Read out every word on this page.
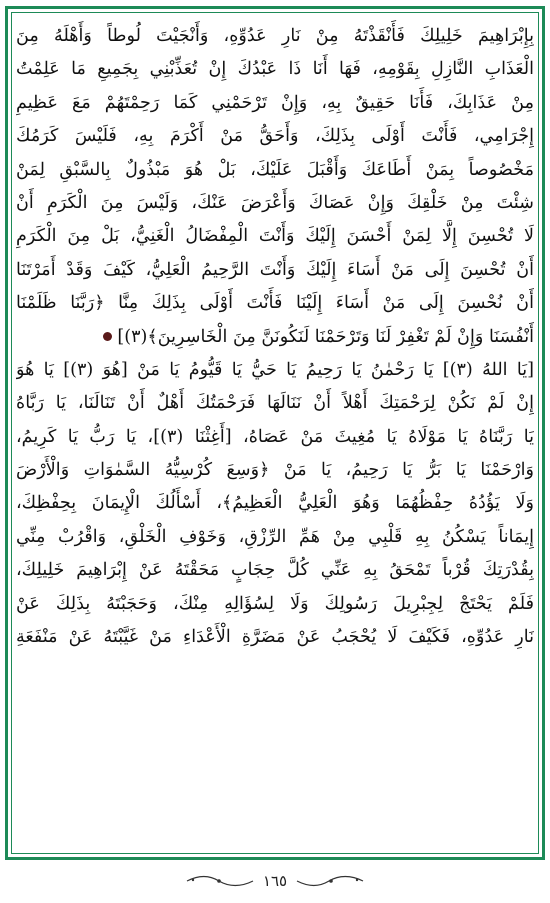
بِإِبْرَاهِيمَ خَلِيلِكَ فَأَنْقَذْتَهُ مِنْ نَارِ عَدُوِّهِ، وَأَنْجَيْتَ لُوطاً وَأَهْلَهُ مِنَ
الْعَذَابِ النَّازِلِ بِقَوْمِهِ، فَهَا أَنَا ذَا عَبْدُكَ إِنْ تُعَذِّبْنِي بِجَمِيعِ مَا عَلِمْتُ
مِنْ عَذَابِكَ، فَأَنَا حَقِيقٌ بِهِ، وَإِنْ تَرْحَمْنِي كَمَا رَحِمْتَهُمْ مَعَ عَظِيمِ
إِجْرَامِي، فَأَنْتَ أَوْلَى بِذَلِكَ، وَأَحَقُّ مَنْ أَكْرَمَ بِهِ، فَلَيْسَ كَرَمُكَ
مَخْصُوصاً بِمَنْ أَطَاعَكَ وَأَقْبَلَ عَلَيْكَ، بَلْ هُوَ مَبْذُولٌ بِالسَّبْقِ لِمَنْ
شِئْتَ مِنْ خَلْقِكَ وَإِنْ عَصَاكَ وَأَعْرَضَ عَنْكَ، وَلَيْسَ مِنَ الْكَرَمِ أَنْ
لَا تُحْسِنَ إِلَّا لِمَنْ أَحْسَنَ إِلَيْكَ وَأَنْتَ الْمِفْضَالُ الْغَنِيُّ، بَلْ مِنَ الْكَرَمِ
أَنْ تُحْسِنَ إِلَى مَنْ أَسَاءَ إِلَيْكَ وَأَنْتَ الرَّحِيمُ الْعَلِيُّ، كَيْفَ وَقَدْ أَمَرْتَنَا
أَنْ نُحْسِنَ إِلَى مَنْ أَسَاءَ إِلَيْنَا فَأَنْتَ أَوْلَى بِذَلِكَ مِنَّا ﴿رَبَّنَا ظَلَمْنَا
أَنْفُسَنَا وَإِنْ لَمْ تَغْفِرْ لَنَا وَتَرْحَمْنَا لَنَكُونَنَّ مِنَ الْخَاسِرِينَ﴾(٣)]
[يَا اللهُ (٣)] يَا رَحْمٰنُ يَا رَحِيمُ يَا حَيُّ يَا قَيُّومُ يَا مَنْ [هُوَ (٣)] يَا هُوَ
إِنْ لَمْ نَكُنْ لِرَحْمَتِكَ أَهْلاً أَنْ نَنَالَهَا فَرَحْمَتُكَ أَهْلٌ أَنْ تَنَالَنَا، يَا رَبَّاهُ
يَا رَبَّنَاهُ يَا مَوْلَاهُ يَا مُغِيثَ مَنْ عَصَاهُ، [أَغِثْنَا (٣)]، يَا رَبُّ يَا كَرِيمُ،
وَارْحَمْنَا يَا بَرُّ يَا رَحِيمُ، يَا مَنْ ﴿وَسِعَ كُرْسِيُّهُ السَّمٰوَاتِ وَالْأَرْضَ
وَلَا يَؤُدُهُ حِفْظُهُمَا وَهُوَ الْعَلِيُّ الْعَظِيمُ﴾، أَسْأَلُكَ الْإِيمَانَ بِحِفْظِكَ،
إِيمَاناً يَسْكُنُ بِهِ قَلْبِي مِنْ هَمِّ الرِّزْقِ، وَخَوْفِ الْخَلْقِ، وَاقْرُبْ مِنِّي
بِقُدْرَتِكَ قُرْباً تَمْحَقُ بِهِ عَنِّي كُلَّ حِجَابٍ مَحَقْتَهُ عَنْ إِبْرَاهِيمَ خَلِيلِكَ،
فَلَمْ يَحْتَجْ لِجِبْرِيلَ رَسُولِكَ وَلَا لِسُؤَالِهِ مِنْكَ، وَحَجَبْتَهُ بِذَلِكَ عَنْ
نَارِ عَدُوِّهِ، فَكَيْفَ لَا يُحْجَبُ عَنْ مَضَرَّةِ الْأَعْدَاءِ مَنْ غَيَّبْتَهُ عَنْ مَنْفَعَةِ
١٦٥
